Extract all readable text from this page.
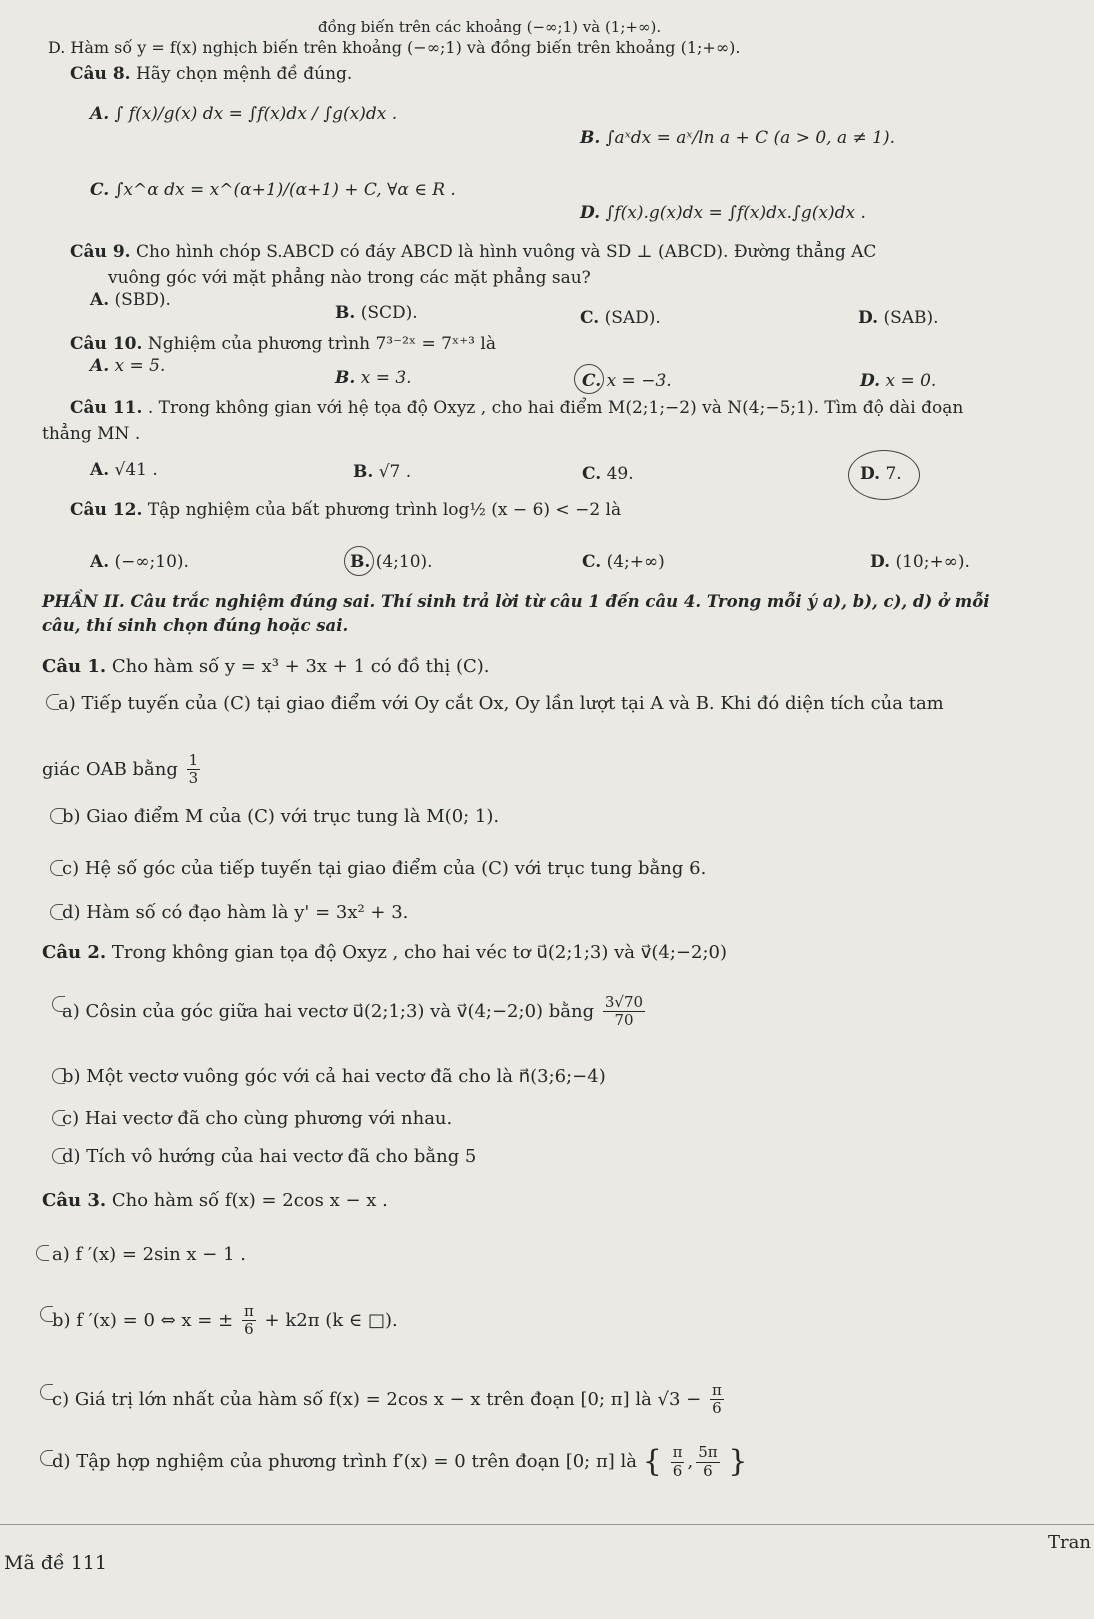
đồng biến trên các khoảng (−∞;1) và (1;+∞).
D. Hàm số y = f(x) nghịch biến trên khoảng (−∞;1) và đồng biến trên khoảng (1;+∞).
Câu 8. Hãy chọn mệnh đề đúng.
A. ∫ f(x)/g(x) dx = ∫f(x)dx / ∫g(x)dx .
B. ∫aˣdx = aˣ/ln a + C (a > 0, a ≠ 1).
C. ∫x^α dx = x^(α+1)/(α+1) + C, ∀α ∈ R .
D. ∫f(x).g(x)dx = ∫f(x)dx.∫g(x)dx .
Câu 9. Cho hình chóp S.ABCD có đáy ABCD là hình vuông và SD ⊥ (ABCD). Đường thẳng AC
vuông góc với mặt phẳng nào trong các mặt phẳng sau?
A. (SBD).
B. (SCD).	C. (SAD).	D. (SAB).
Câu 10. Nghiệm của phương trình 7³⁻²ˣ = 7ˣ⁺³ là
A. x = 5.
B. x = 3.	C. x = −3.	D. x = 0.
Câu 11. . Trong không gian với hệ tọa độ Oxyz , cho hai điểm M(2;1;−2) và N(4;−5;1). Tìm độ dài đoạn
thẳng MN .
A. √41 .	B. √7 .	C. 49.	D. 7.
Câu 12. Tập nghiệm của bất phương trình log½ (x − 6) < −2 là
A. (−∞;10).	B. (4;10).	C. (4;+∞)	D. (10;+∞).
PHẦN II. Câu trắc nghiệm đúng sai. Thí sinh trả lời từ câu 1 đến câu 4. Trong mỗi ý a), b), c), d) ở mỗi
câu, thí sinh chọn đúng hoặc sai.
Câu 1. Cho hàm số y = x³ + 3x + 1 có đồ thị (C).
a) Tiếp tuyến của (C) tại giao điểm với Oy cắt Ox, Oy lần lượt tại A và B. Khi đó diện tích của tam
giác OAB bằng $\frac{1}{3}$
b) Giao điểm M của (C) với trục tung là M(0; 1).
c) Hệ số góc của tiếp tuyến tại giao điểm của (C) với trục tung bằng 6.
d) Hàm số có đạo hàm là y' = 3x² + 3.
Câu 2. Trong không gian tọa độ Oxyz , cho hai véc tơ u⃗(2;1;3) và v⃗(4;−2;0)
a) Côsin của góc giữa hai vectơ u⃗(2;1;3) và v⃗(4;−2;0) bằng $\frac{3√70}{70}$
b) Một vectơ vuông góc với cả hai vectơ đã cho là n⃗(3;6;−4)
c) Hai vectơ đã cho cùng phương với nhau.
d) Tích vô hướng của hai vectơ đã cho bằng 5
Câu 3. Cho hàm số f(x) = 2cos x − x .
a) f ′(x) = 2sin x − 1 .
b) f ′(x) = 0 ⇔ x = ± $\frac{\pi}{6} + k2\pi$ (k ∈ □).
c) Giá trị lớn nhất của hàm số f(x) = 2cos x − x trên đoạn [0; π] là $√3 - \frac{\pi}{6}$
d) Tập hợp nghiệm của phương trình f′(x) = 0 trên đoạn [0; π] là { $\frac{\pi}{6}$ , $\frac{5\pi}{6}$ }
Tran
Mã đề 111
